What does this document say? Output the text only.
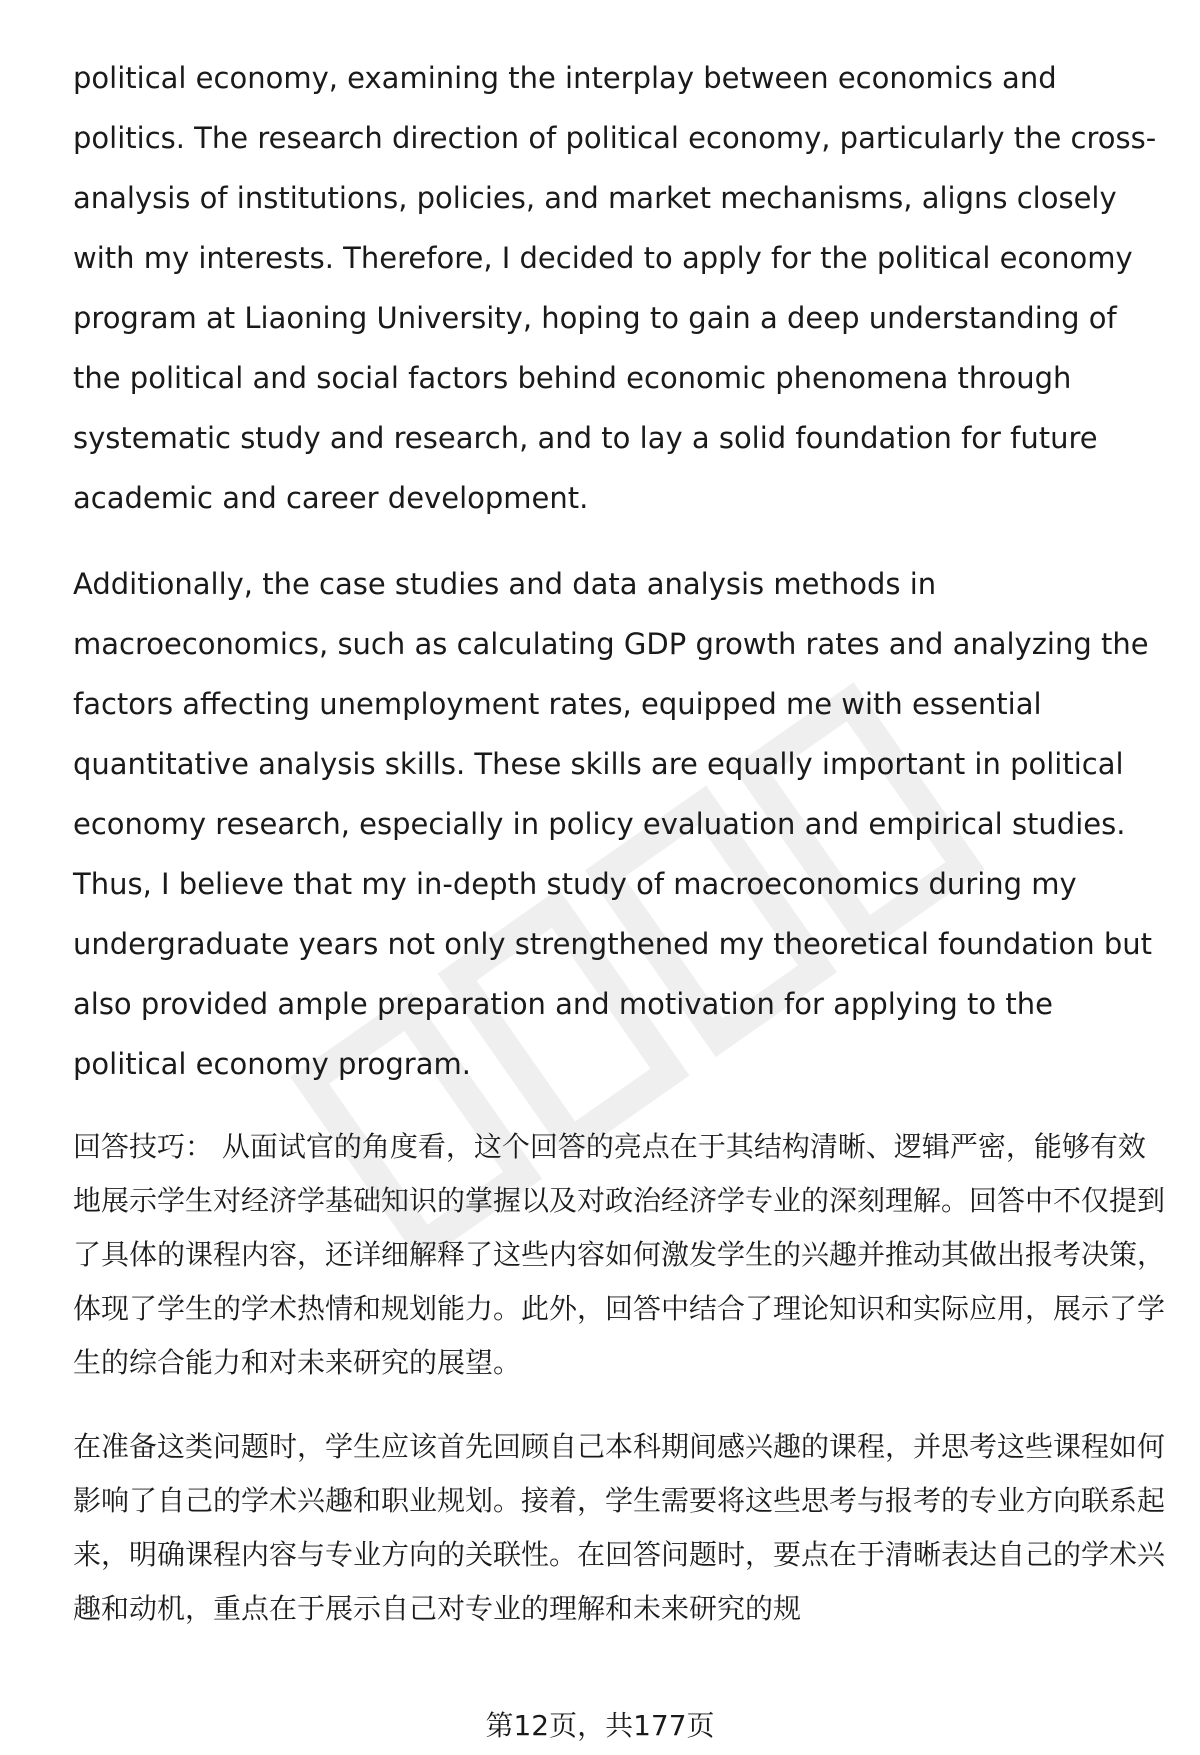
political economy, examining the interplay between economics and politics. The research direction of political economy, particularly the cross-analysis of institutions, policies, and market mechanisms, aligns closely with my interests. Therefore, I decided to apply for the political economy program at Liaoning University, hoping to gain a deep understanding of the political and social factors behind economic phenomena through systematic study and research, and to lay a solid foundation for future academic and career development.

Additionally, the case studies and data analysis methods in macroeconomics, such as calculating GDP growth rates and analyzing the factors affecting unemployment rates, equipped me with essential quantitative analysis skills. These skills are equally important in political economy research, especially in policy evaluation and empirical studies. Thus, I believe that my in-depth study of macroeconomics during my undergraduate years not only strengthened my theoretical foundation but also provided ample preparation and motivation for applying to the political economy program.

回答技巧： 从面试官的角度看，这个回答的亮点在于其结构清晰、逻辑严密，能够有效地展示学生对经济学基础知识的掌握以及对政治经济学专业的深刻理解。回答中不仅提到了具体的课程内容，还详细解释了这些内容如何激发学生的兴趣并推动其做出报考决策，体现了学生的学术热情和规划能力。此外，回答中结合了理论知识和实际应用，展示了学生的综合能力和对未来研究的展望。

在准备这类问题时，学生应该首先回顾自己本科期间感兴趣的课程，并思考这些课程如何影响了自己的学术兴趣和职业规划。接着，学生需要将这些思考与报考的专业方向联系起来，明确课程内容与专业方向的关联性。在回答问题时，要点在于清晰表达自己的学术兴趣和动机，重点在于展示自己对专业的理解和未来研究的规

第12页，共177页
